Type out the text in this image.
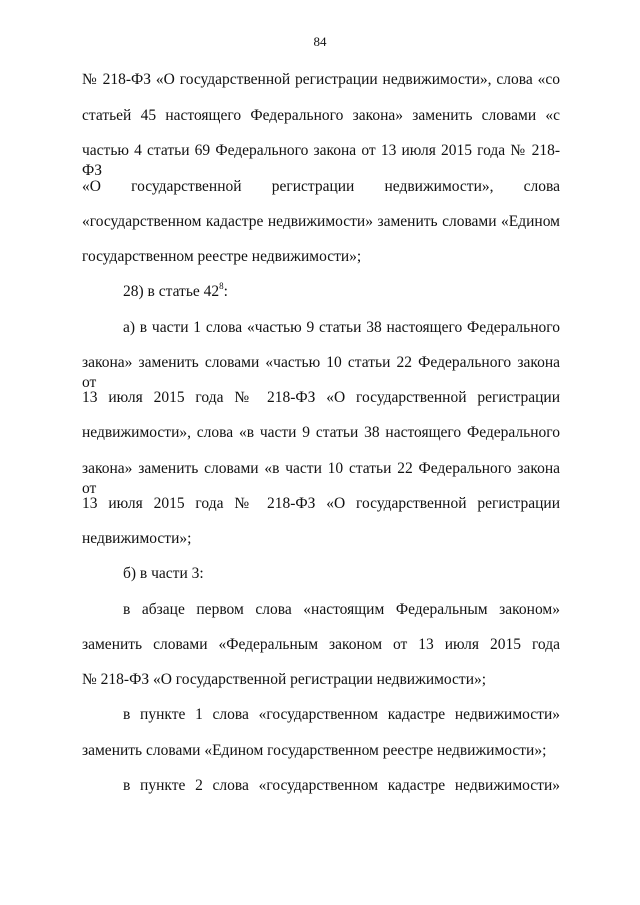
84
№ 218-ФЗ «О государственной регистрации недвижимости», слова «со
статьей 45 настоящего Федерального закона» заменить словами «с
частью 4 статьи 69 Федерального закона от 13 июля 2015 года № 218-ФЗ
«О государственной регистрации недвижимости», слова
«государственном кадастре недвижимости» заменить словами «Едином
государственном реестре недвижимости»;
28) в статье $42^8$:
а) в части 1 слова «частью 9 статьи 38 настоящего Федерального
закона» заменить словами «частью 10 статьи 22 Федерального закона от
13 июля 2015 года № 218-ФЗ «О государственной регистрации
недвижимости», слова «в части 9 статьи 38 настоящего Федерального
закона» заменить словами «в части 10 статьи 22 Федерального закона от
13 июля 2015 года № 218-ФЗ «О государственной регистрации
недвижимости»;
б) в части 3:
в абзаце первом слова «настоящим Федеральным законом»
заменить словами «Федеральным законом от 13 июля 2015 года
№ 218-ФЗ «О государственной регистрации недвижимости»;
в пункте 1 слова «государственном кадастре недвижимости»
заменить словами «Едином государственном реестре недвижимости»;
в пункте 2 слова «государственном кадастре недвижимости»
